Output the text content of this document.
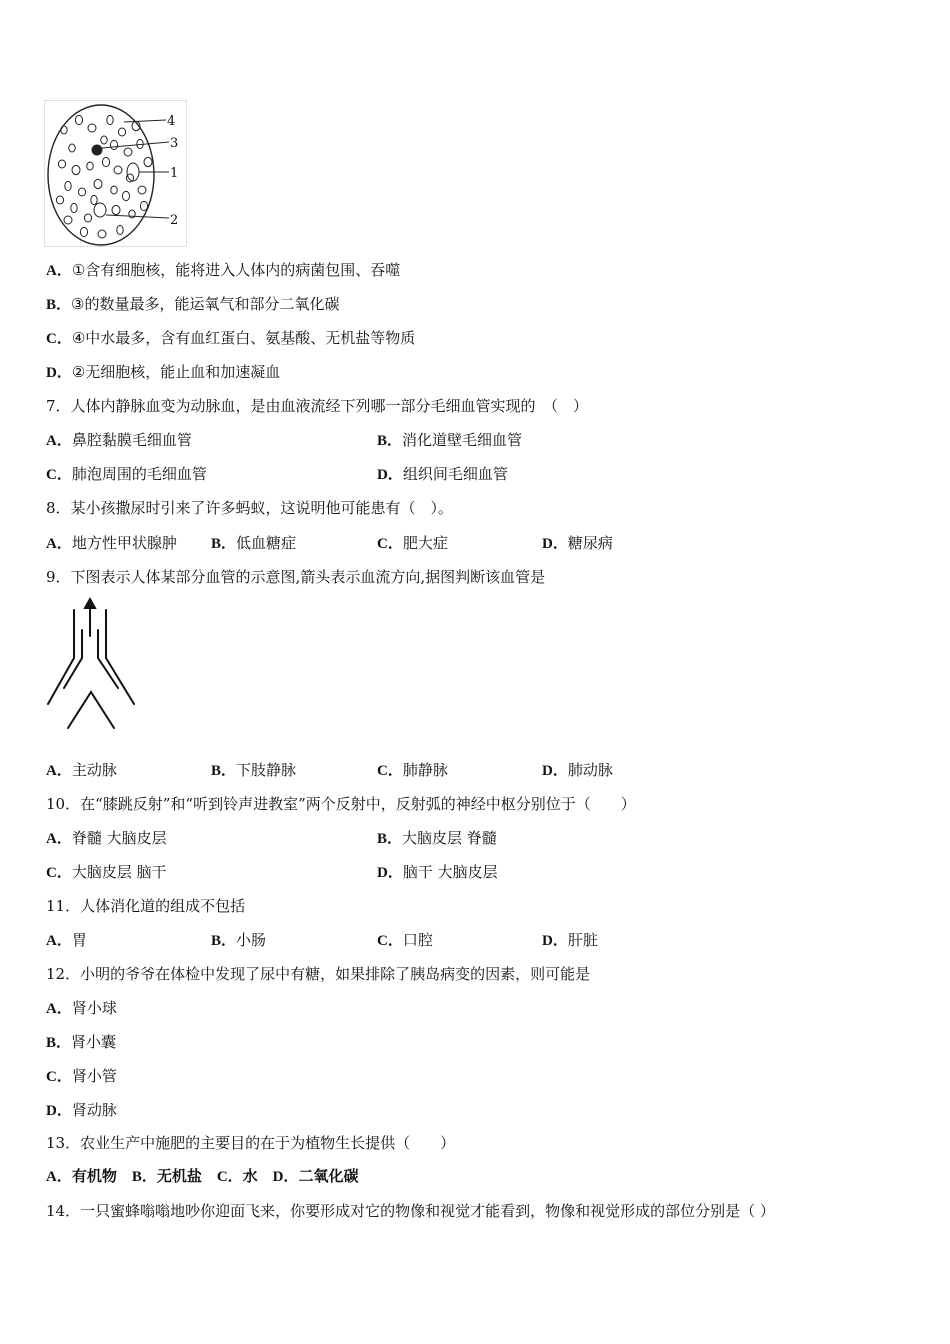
4
3
1
2
A．①含有细胞核，能将进入人体内的病菌包围、吞噬
B．③的数量最多，能运氧气和部分二氧化碳
C．④中水最多，含有血红蛋白、氨基酸、无机盐等物质
D．②无细胞核，能止血和加速凝血
7．人体内静脉血变为动脉血，是由血液流经下列哪一部分毛细血管实现的　（　）
A．鼻腔黏膜毛细血管	B．消化道壁毛细血管
C．肺泡周围的毛细血管	D．组织间毛细血管
8．某小孩撒尿时引来了许多蚂蚁，这说明他可能患有（　）。
A．地方性甲状腺肿 B．低血糖症	C．肥大症	D．糖尿病
9．下图表示人体某部分血管的示意图,箭头表示血流方向,据图判断该血管是
A．主动脉	B．下肢静脉	C．肺静脉	D．肺动脉
10．在“膝跳反射”和“听到铃声进教室”两个反射中，反射弧的神经中枢分别位于（　　）
A．脊髓 大脑皮层	B．大脑皮层 脊髓
C．大脑皮层 脑干	D．脑干 大脑皮层
11．人体消化道的组成不包括
A．胃	B．小肠	C．口腔	D．肝脏
12．小明的爷爷在体检中发现了尿中有糖，如果排除了胰岛病变的因素，则可能是
A．肾小球
B．肾小囊
C．肾小管
D．肾动脉
13．农业生产中施肥的主要目的在于为植物生长提供（　　）
A．有机物　B．无机盐　C．水　D．二氧化碳
14．一只蜜蜂嗡嗡地吵你迎面飞来，你要形成对它的物像和视觉才能看到，物像和视觉形成的部位分别是（ ）
